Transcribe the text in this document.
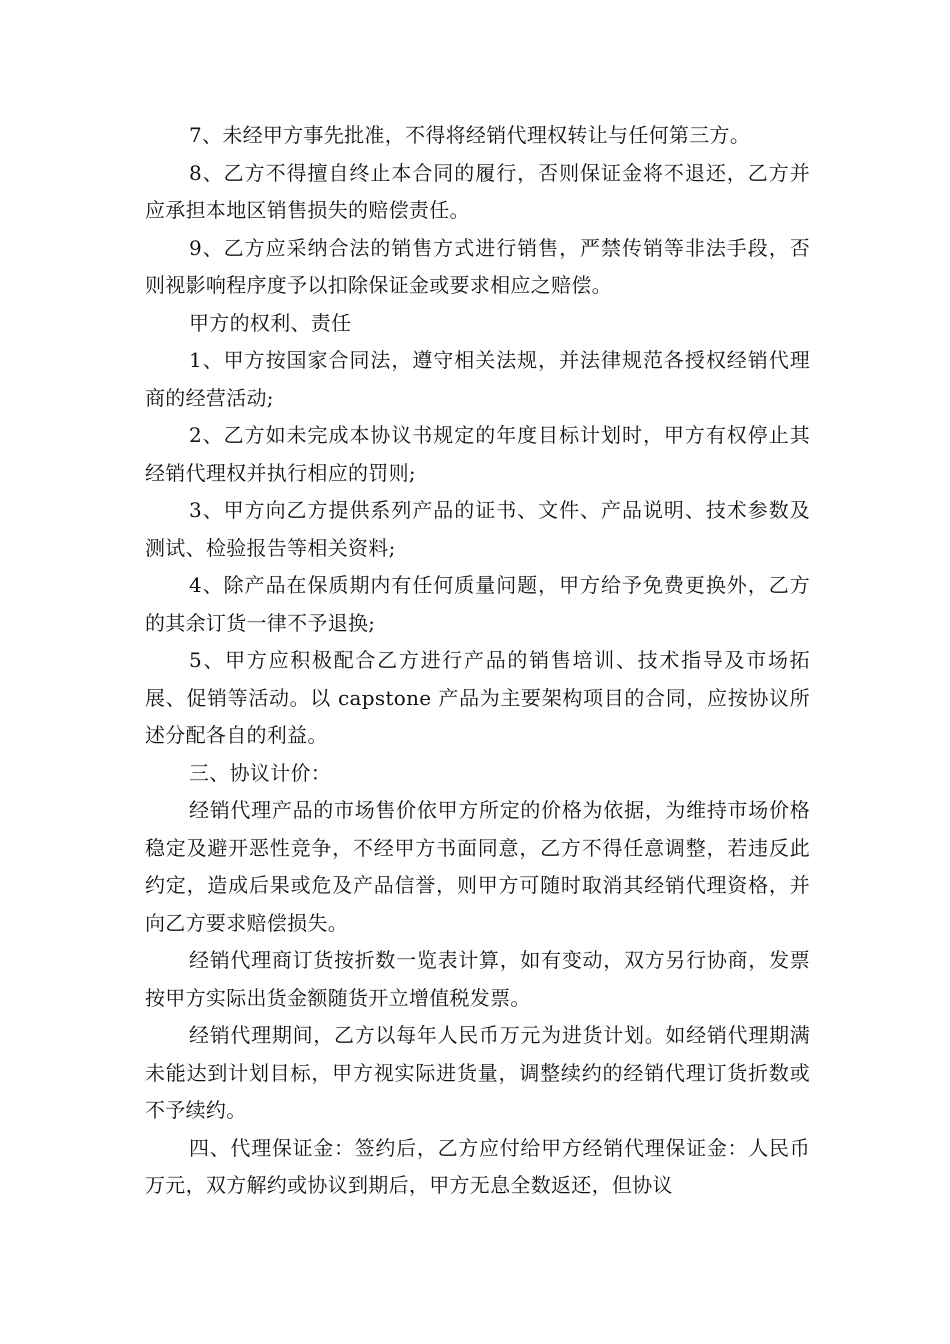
7、未经甲方事先批准，不得将经销代理权转让与任何第三方。

8、乙方不得擅自终止本合同的履行，否则保证金将不退还，乙方并应承担本地区销售损失的赔偿责任。

9、乙方应采纳合法的销售方式进行销售，严禁传销等非法手段，否则视影响程序度予以扣除保证金或要求相应之赔偿。

甲方的权利、责任

1、甲方按国家合同法，遵守相关法规，并法律规范各授权经销代理商的经营活动;

2、乙方如未完成本协议书规定的年度目标计划时，甲方有权停止其经销代理权并执行相应的罚则;

3、甲方向乙方提供系列产品的证书、文件、产品说明、技术参数及测试、检验报告等相关资料;

4、除产品在保质期内有任何质量问题，甲方给予免费更换外，乙方的其余订货一律不予退换;

5、甲方应积极配合乙方进行产品的销售培训、技术指导及市场拓展、促销等活动。以 capstone 产品为主要架构项目的合同，应按协议所述分配各自的利益。

三、协议计价：

经销代理产品的市场售价依甲方所定的价格为依据，为维持市场价格稳定及避开恶性竞争，不经甲方书面同意，乙方不得任意调整，若违反此约定，造成后果或危及产品信誉，则甲方可随时取消其经销代理资格，并向乙方要求赔偿损失。

经销代理商订货按折数一览表计算，如有变动，双方另行协商，发票按甲方实际出货金额随货开立增值税发票。

经销代理期间，乙方以每年人民币万元为进货计划。如经销代理期满未能达到计划目标，甲方视实际进货量，调整续约的经销代理订货折数或不予续约。

四、代理保证金：签约后，乙方应付给甲方经销代理保证金：人民币 万元，双方解约或协议到期后，甲方无息全数返还，但协议
